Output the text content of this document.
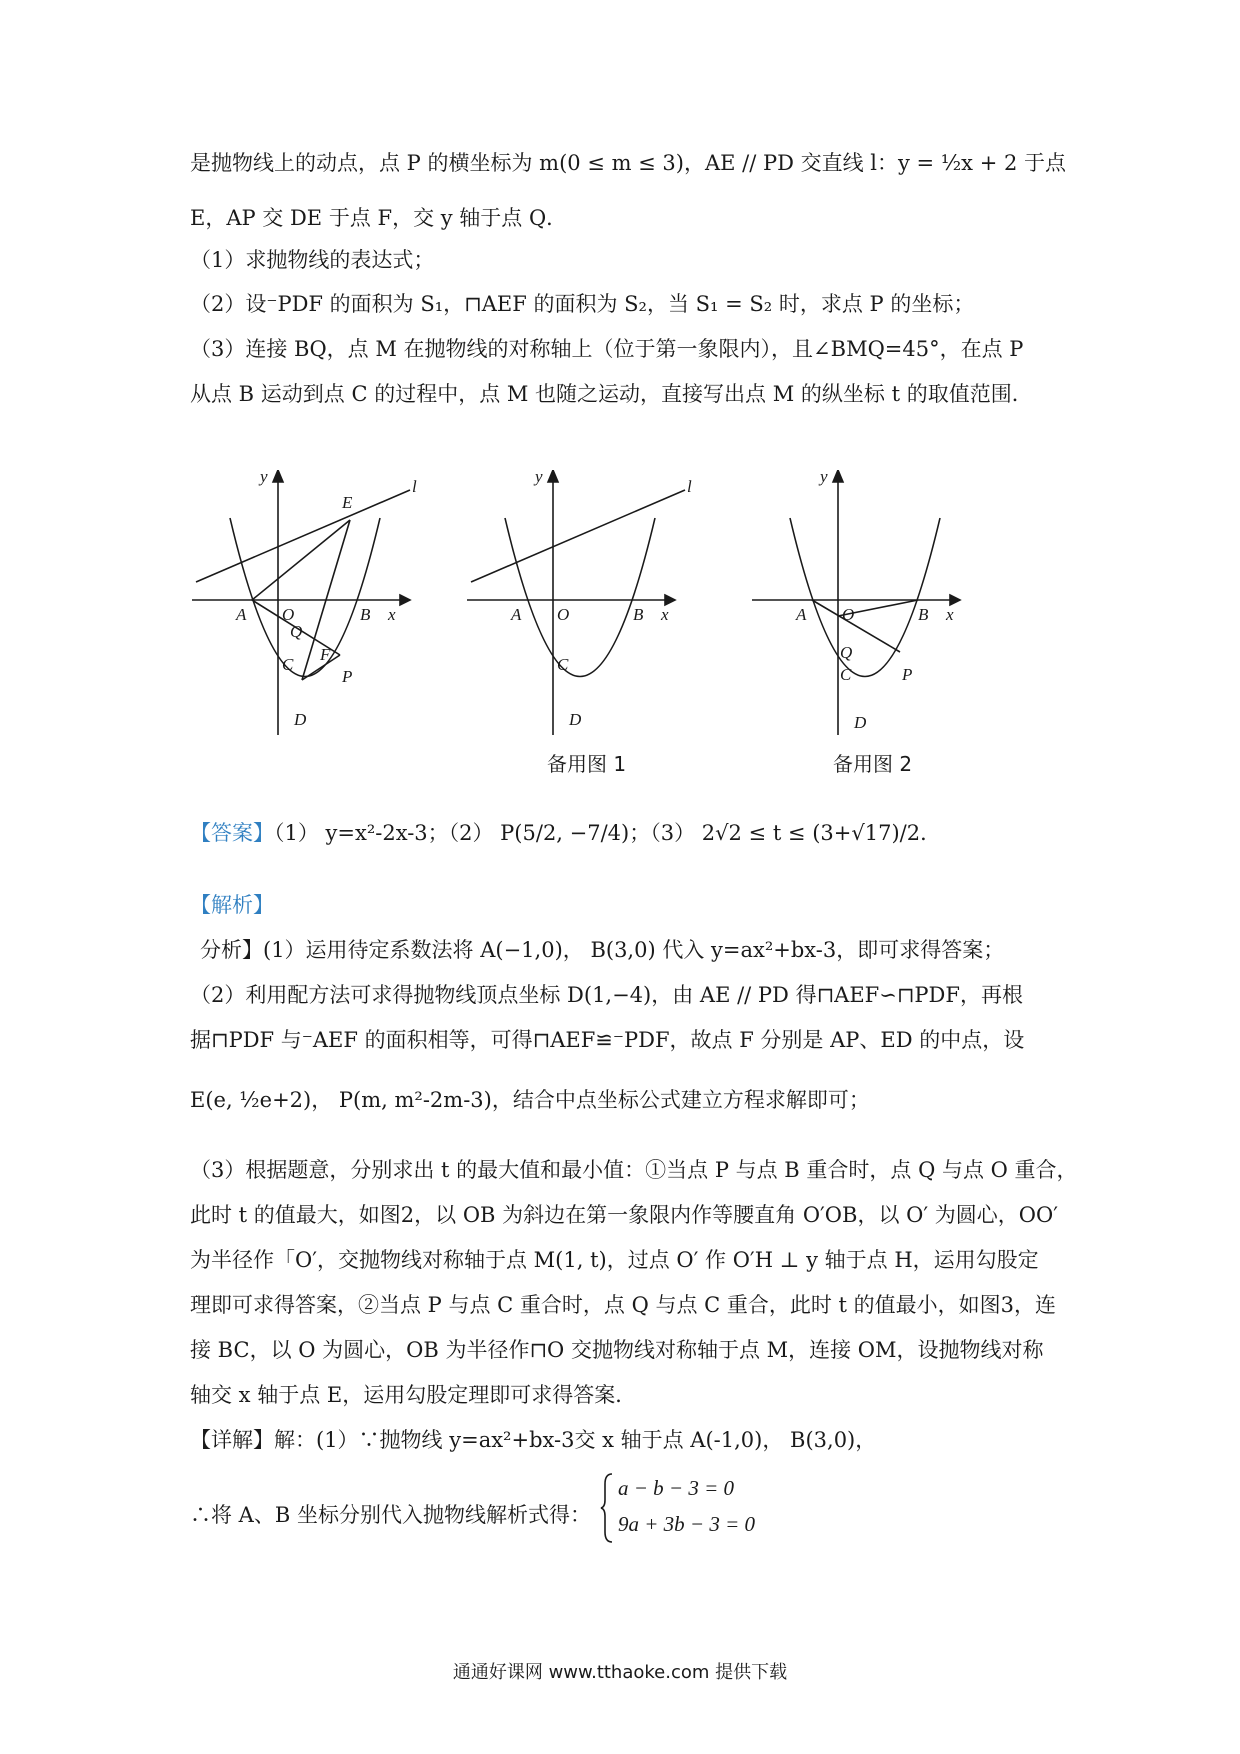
是抛物线上的动点，点 P 的横坐标为 m(0 ≤ m ≤ 3)，AE // PD 交直线 l：y = ½x + 2 于点
E，AP 交 DE 于点 F，交 y 轴于点 Q．
（1）求抛物线的表达式；
（2）设⁻PDF 的面积为 S₁，⊓AEF 的面积为 S₂，当 S₁ = S₂ 时，求点 P 的坐标；
（3）连接 BQ，点 M 在抛物线的对称轴上（位于第一象限内），且∠BMQ=45°，在点 P
从点 B 运动到点 C 的过程中，点 M 也随之运动，直接写出点 M 的纵坐标 t 的取值范围．
y
E
l
A O
Q
B x
C
F
P
D
y
l
A O	B x
C
D
备用图 1
y
A O	B x
Q
C	P
D
备用图 2
【答案】（1） y=x²-2x-3；（2） P(5/2, −7/4)；（3） 2√2 ≤ t ≤ (3+√17)/2．
【解析】
分析】(1）运用待定系数法将 A(−1,0)， B(3,0) 代入 y=ax²+bx-3，即可求得答案；
（2）利用配方法可求得抛物线顶点坐标 D(1,−4)，由 AE // PD 得⊓AEF∽⊓PDF，再根
据⊓PDF 与⁻AEF 的面积相等，可得⊓AEF≌⁻PDF，故点 F 分别是 AP、ED 的中点，设
E(e, ½e+2)， P(m, m²-2m-3)，结合中点坐标公式建立方程求解即可；
（3）根据题意，分别求出 t 的最大值和最小值：①当点 P 与点 B 重合时，点 Q 与点 O 重合，
此时 t 的值最大，如图2，以 OB 为斜边在第一象限内作等腰直角 O′OB，以 O′ 为圆心，OO′
为半径作「O′，交抛物线对称轴于点 M(1, t)，过点 O′ 作 O′H ⊥ y 轴于点 H，运用勾股定
理即可求得答案，②当点 P 与点 C 重合时，点 Q 与点 C 重合，此时 t 的值最小，如图3，连
接 BC，以 O 为圆心，OB 为半径作⊓O 交抛物线对称轴于点 M，连接 OM，设抛物线对称
轴交 x 轴于点 E，运用勾股定理即可求得答案．
【详解】解：(1）∵抛物线 y=ax²+bx-3交 x 轴于点 A(-1,0)， B(3,0)，
∴将 A、B 坐标分别代入抛物线解析式得：
a − b − 3 = 0
9a + 3b − 3 = 0
通通好课网 www.tthaoke.com 提供下载
